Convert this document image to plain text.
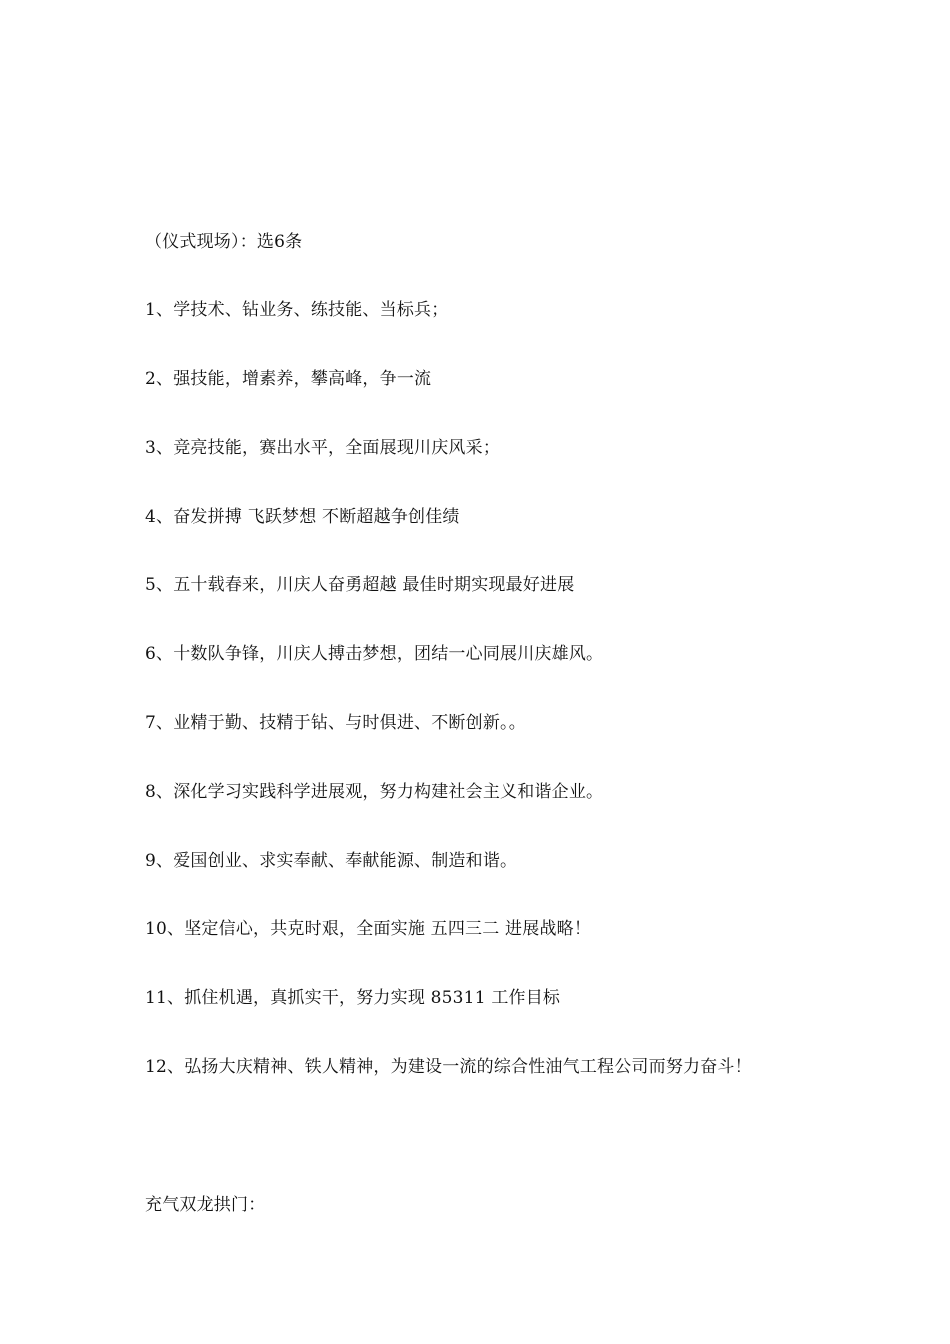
（仪式现场）：选6条
1、学技术、钻业务、练技能、当标兵；
2、强技能，增素养，攀高峰，争一流
3、竞亮技能，赛出水平，全面展现川庆风采；
4、奋发拼搏 飞跃梦想 不断超越争创佳绩
5、五十载春来，川庆人奋勇超越 最佳时期实现最好进展
6、十数队争锋，川庆人搏击梦想，团结一心同展川庆雄风。
7、业精于勤、技精于钻、与时俱进、不断创新。。
8、深化学习实践科学进展观，努力构建社会主义和谐企业。
9、爱国创业、求实奉献、奉献能源、制造和谐。
10、坚定信心，共克时艰，全面实施 五四三二 进展战略！
11、抓住机遇，真抓实干，努力实现 85311 工作目标
12、弘扬大庆精神、铁人精神，为建设一流的综合性油气工程公司而努力奋斗！
充气双龙拱门：
